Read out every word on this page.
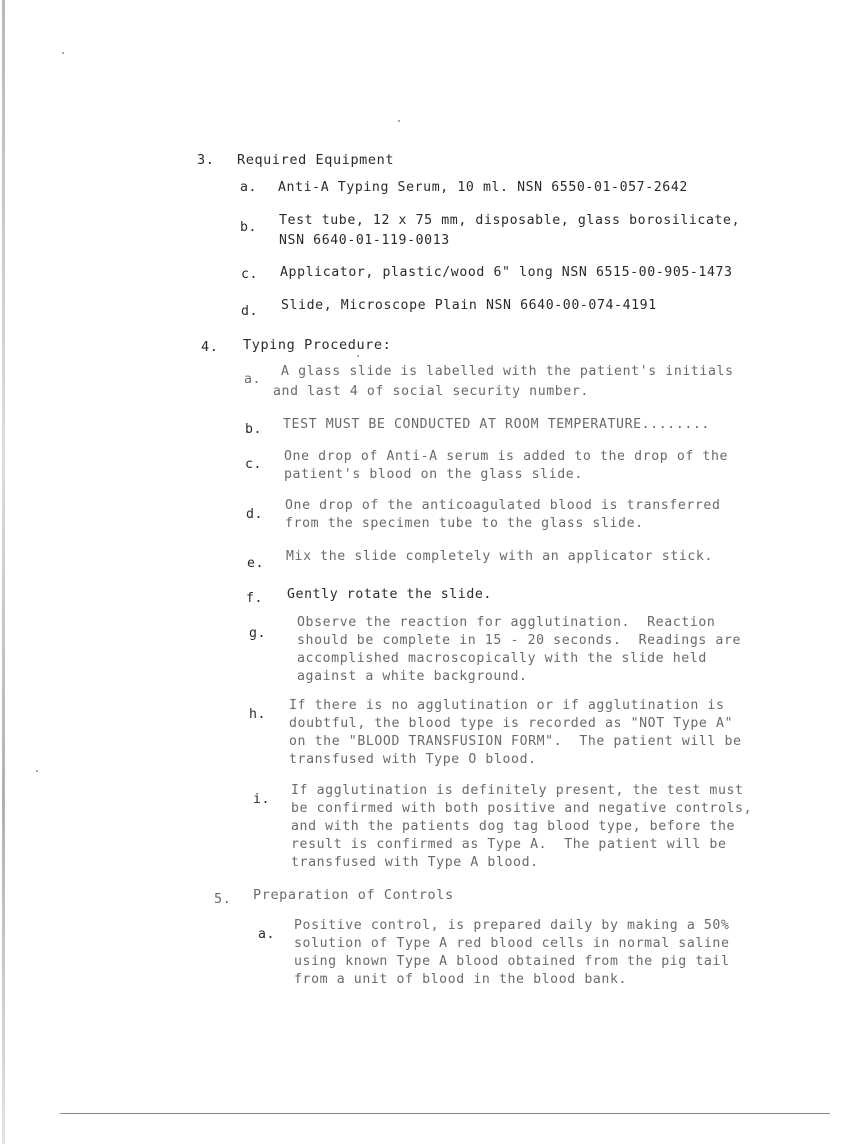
3. Required Equipment
a. Anti-A Typing Serum, 10 ml. NSN 6550-01-057-2642
b. Test tube, 12 x 75 mm, disposable, glass borosilicate,
NSN 6640-01-119-0013
c. Applicator, plastic/wood 6" long NSN 6515-00-905-1473
d. Slide, Microscope Plain NSN 6640-00-074-4191
4. Typing Procedure:
a.
A glass slide is labelled with the patient's initials
and last 4 of social security number.
b. TEST MUST BE CONDUCTED AT ROOM TEMPERATURE........
c.
One drop of Anti-A serum is added to the drop of the
patient's blood on the glass slide.
d.
One drop of the anticoagulated blood is transferred
from the specimen tube to the glass slide.
e. Mix the slide completely with an applicator stick.
f. Gently rotate the slide.
g.
Observe the reaction for agglutination.  Reaction
should be complete in 15 - 20 seconds.  Readings are
accomplished macroscopically with the slide held
against a white background.
h.
If there is no agglutination or if agglutination is
doubtful, the blood type is recorded as "NOT Type A"
on the "BLOOD TRANSFUSION FORM".  The patient will be
transfused with Type O blood.
i.
If agglutination is definitely present, the test must
be confirmed with both positive and negative controls,
and with the patients dog tag blood type, before the
result is confirmed as Type A.  The patient will be
transfused with Type A blood.
5. Preparation of Controls
a.
Positive control, is prepared daily by making a 50%
solution of Type A red blood cells in normal saline
using known Type A blood obtained from the pig tail
from a unit of blood in the blood bank.
